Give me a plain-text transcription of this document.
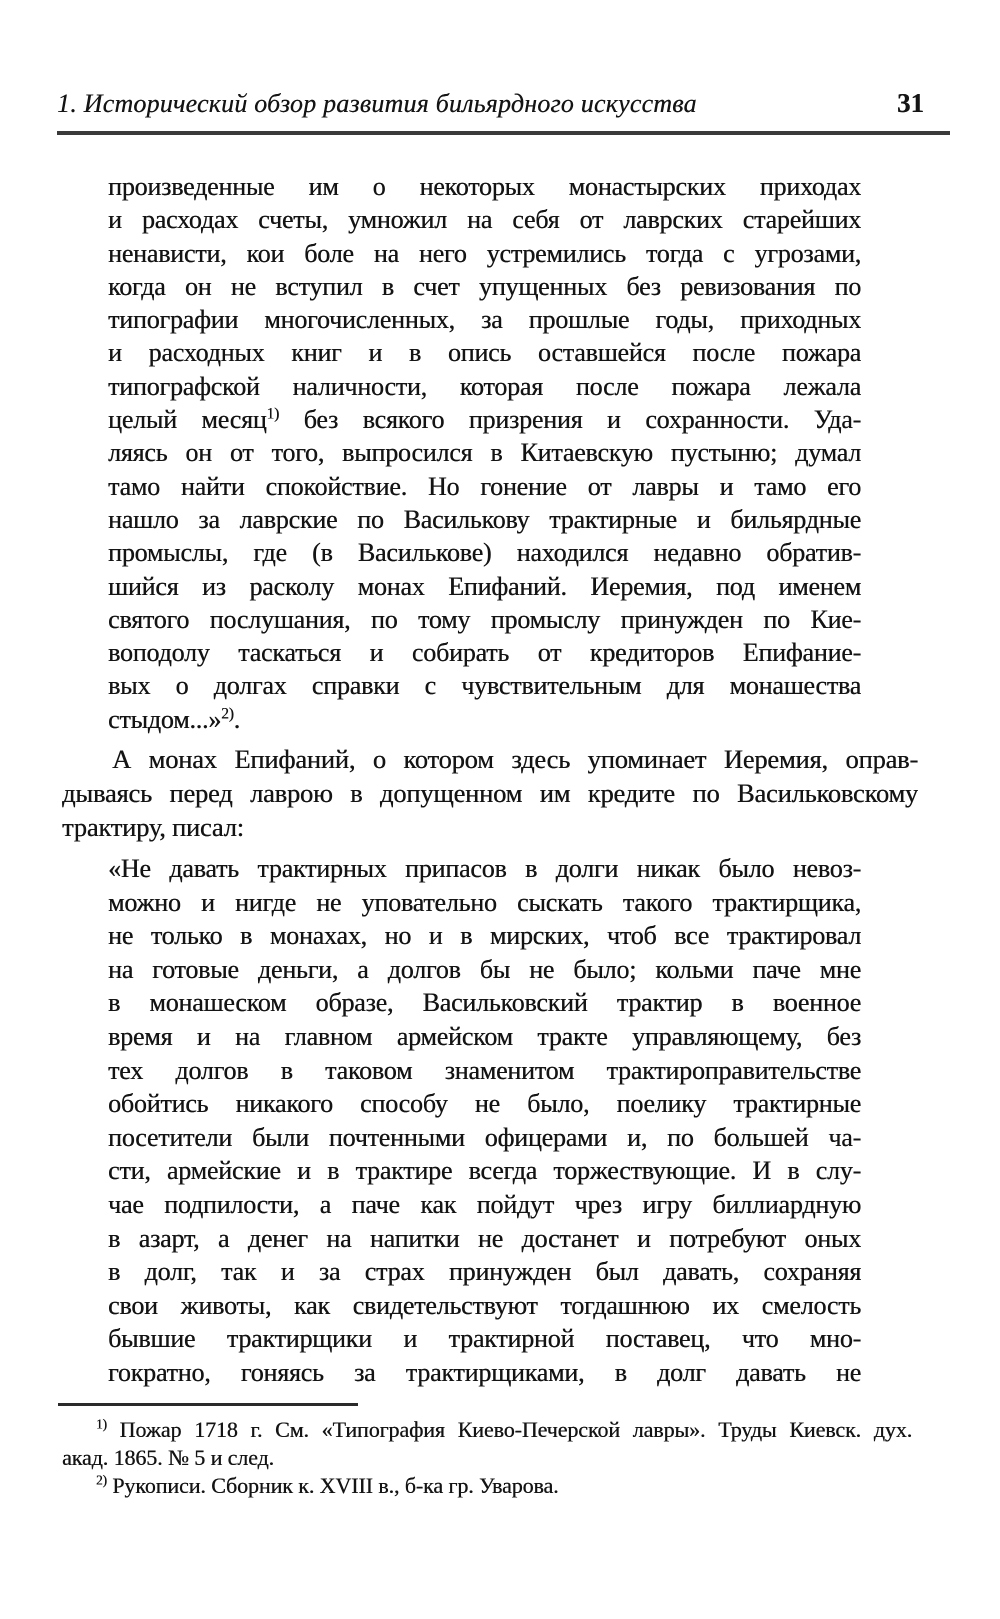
1. Исторический обзор развития бильярдного искусства	31
произведенные им о некоторых монастырских приходах
и расходах счеты, умножил на себя от лаврских старейших
ненависти, кои боле на него устремились тогда с угрозами,
когда он не вступил в счет упущенных без ревизования по
типографии многочисленных, за прошлые годы, приходных
и расходных книг и в опись оставшейся после пожара
типографской наличности, которая после пожара лежала
целый месяц$^{1)}$ без всякого призрения и сохранности. Уда-
ляясь он от того, выпросился в Китаевскую пустыню; думал
тамо найти спокойствие. Но гонение от лавры и тамо его
нашло за лаврские по Василькову трактирные и бильярдные
промыслы, где (в Василькове) находился недавно обратив-
шийся из расколу монах Епифаний. Иеремия, под именем
святого послушания, по тому промыслу принужден по Кие-
воподолу таскаться и собирать от кредиторов Епифание-
вых о долгах справки с чувствительным для монашества
стыдом...»$^{2)}$.
А монах Епифаний, о котором здесь упоминает Иеремия, оправ-
дываясь перед лаврою в допущенном им кредите по Васильковскому
трактиру, писал:
«Не давать трактирных припасов в долги никак было невоз-
можно и нигде не уповательно сыскать такого трактирщика,
не только в монахах, но и в мирских, чтоб все трактировал
на готовые деньги, а долгов бы не было; кольми паче мне
в монашеском образе, Васильковский трактир в военное
время и на главном армейском тракте управляющему, без
тех долгов в таковом знаменитом трактироправительстве
обойтись никакого способу не было, поелику трактирные
посетители были почтенными офицерами и, по большей ча-
сти, армейские и в трактире всегда торжествующие. И в слу-
чае подпилости, а паче как пойдут чрез игру биллиардную
в азарт, а денег на напитки не достанет и потребуют оных
в долг, так и за страх принужден был давать, сохраняя
свои животы, как свидетельствуют тогдашнюю их смелость
бывшие трактирщики и трактирной поставец, что мно-
гократно, гоняясь за трактирщиками, в долг давать не
$^{1)}$ Пожар 1718 г. См. «Типография Киево-Печерской лавры». Труды Киевск. дух.
акад. 1865. № 5 и след.
$^{2)}$ Рукописи. Сборник к. XVIII в., б-ка гр. Уварова.
